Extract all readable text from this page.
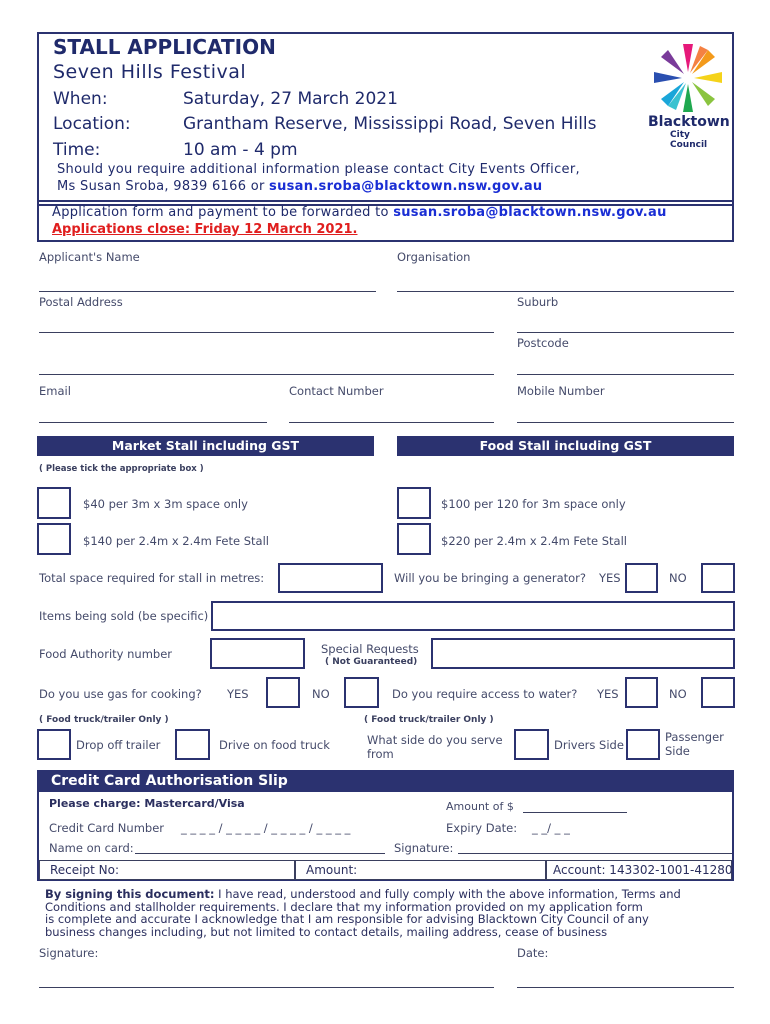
STALL APPLICATION
Seven Hills Festival
When:	Saturday, 27 March 2021
Location:	Grantham Reserve, Mississippi Road, Seven Hills
Time:	10 am - 4 pm
Should you require additional information please contact City Events Officer,
Ms Susan Sroba, 9839 6166 or susan.sroba@blacktown.nsw.gov.au
Blacktown
City Council
Application form and payment to be forwarded to susan.sroba@blacktown.nsw.gov.au
Applications close: Friday 12 March 2021.
Applicant's Name	Organisation
Postal Address	Suburb
Postcode
Email	Contact Number	Mobile Number
Market Stall including GST	Food Stall including GST
( Please tick the appropriate box )
$40 per 3m x 3m space only	$100 per 120 for 3m space only
$140 per 2.4m x 2.4m Fete Stall	$220 per 2.4m x 2.4m Fete Stall
Total space required for stall in metres:	Will you be bringing a generator? YES	NO
Items being sold (be specific)
Food Authority number	Special Requests
( Not Guaranteed)
Do you use gas for cooking? YES	NO	Do you require access to water? YES	NO
( Food truck/trailer Only )	( Food truck/trailer Only )
Drop off trailer	Drive on food truck	What side do you serve from
Drivers Side
Passenger Side
Credit Card Authorisation Slip
Please charge: Mastercard/Visa	Amount of $
Credit Card Number _ _ _ _ / _ _ _ _ / _ _ _ _ / _ _ _ _	Expiry Date: _ _/ _ _
Name on card:	Signature:
Receipt No:	Amount:	Account: 143302-1001-41280
By signing this document: I have read, understood and fully comply with the above information, Terms and
Conditions and stallholder requirements. I declare that my information provided on my application form
is complete and accurate I acknowledge that I am responsible for advising Blacktown City Council of any
business changes including, but not limited to contact details, mailing address, cease of business
Signature:	Date:
